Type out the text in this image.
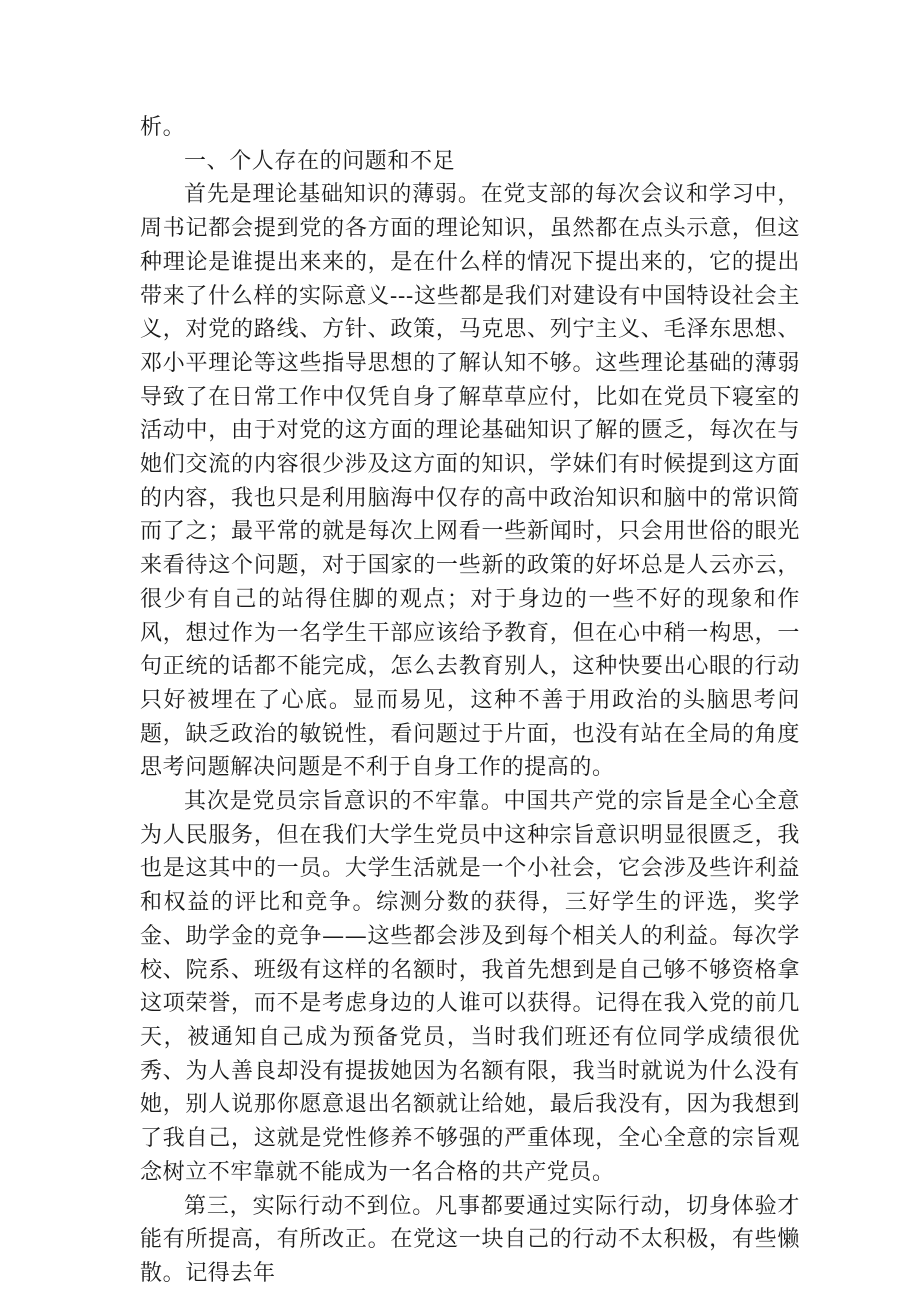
析。

一、个人存在的问题和不足

首先是理论基础知识的薄弱。在党支部的每次会议和学习中，周书记都会提到党的各方面的理论知识，虽然都在点头示意，但这种理论是谁提出来来的，是在什么样的情况下提出来的，它的提出带来了什么样的实际意义---这些都是我们对建设有中国特设社会主义，对党的路线、方针、政策，马克思、列宁主义、毛泽东思想、邓小平理论等这些指导思想的了解认知不够。这些理论基础的薄弱导致了在日常工作中仅凭自身了解草草应付，比如在党员下寝室的活动中，由于对党的这方面的理论基础知识了解的匮乏，每次在与她们交流的内容很少涉及这方面的知识，学妹们有时候提到这方面的内容，我也只是利用脑海中仅存的高中政治知识和脑中的常识简而了之；最平常的就是每次上网看一些新闻时，只会用世俗的眼光来看待这个问题，对于国家的一些新的政策的好坏总是人云亦云，很少有自己的站得住脚的观点；对于身边的一些不好的现象和作风，想过作为一名学生干部应该给予教育，但在心中稍一构思，一句正统的话都不能完成，怎么去教育别人，这种快要出心眼的行动只好被埋在了心底。显而易见，这种不善于用政治的头脑思考问题，缺乏政治的敏锐性，看问题过于片面，也没有站在全局的角度思考问题解决问题是不利于自身工作的提高的。

其次是党员宗旨意识的不牢靠。中国共产党的宗旨是全心全意为人民服务，但在我们大学生党员中这种宗旨意识明显很匮乏，我也是这其中的一员。大学生活就是一个小社会，它会涉及些许利益和权益的评比和竞争。综测分数的获得，三好学生的评选，奖学金、助学金的竞争——这些都会涉及到每个相关人的利益。每次学校、院系、班级有这样的名额时，我首先想到是自己够不够资格拿这项荣誉，而不是考虑身边的人谁可以获得。记得在我入党的前几天，被通知自己成为预备党员，当时我们班还有位同学成绩很优秀、为人善良却没有提拔她因为名额有限，我当时就说为什么没有她，别人说那你愿意退出名额就让给她，最后我没有，因为我想到了我自己，这就是党性修养不够强的严重体现，全心全意的宗旨观念树立不牢靠就不能成为一名合格的共产党员。

第三，实际行动不到位。凡事都要通过实际行动，切身体验才能有所提高，有所改正。在党这一块自己的行动不太积极，有些懒散。记得去年
